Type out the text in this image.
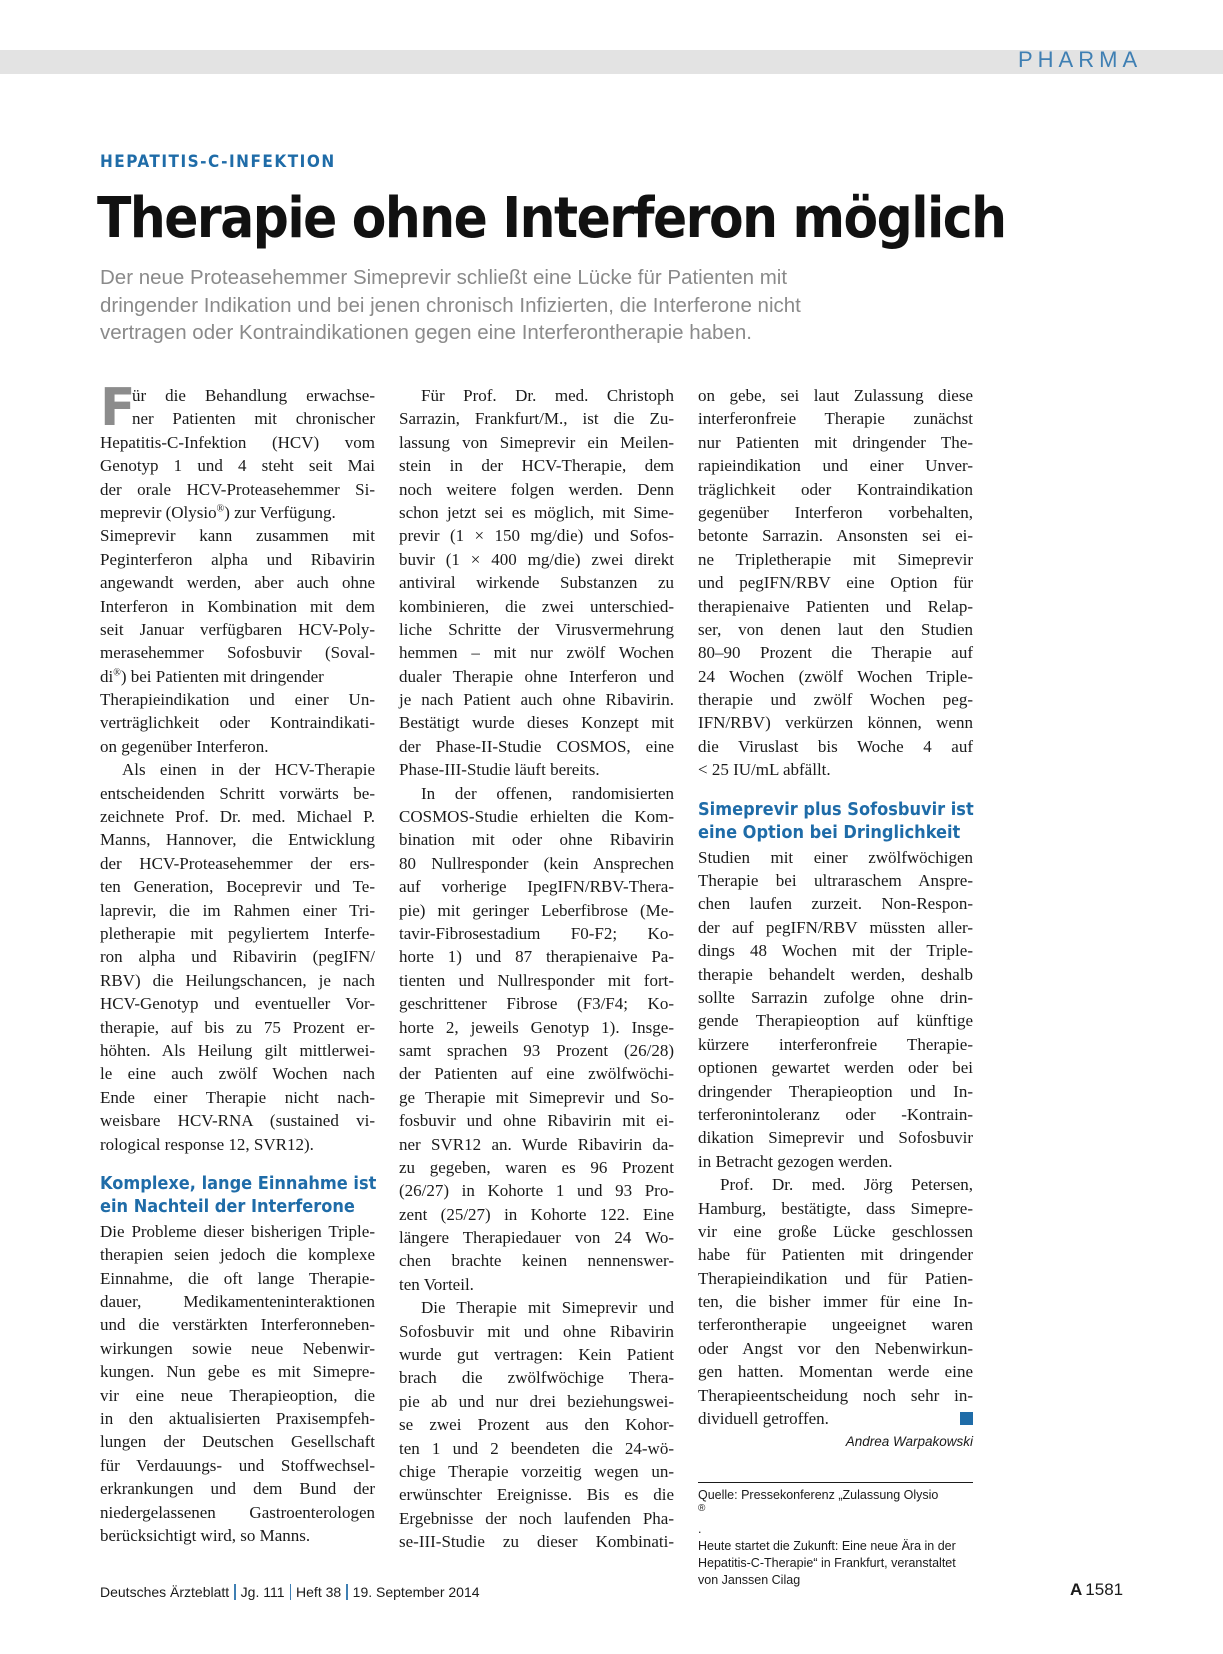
PHARMA
HEPATITIS-C-INFEKTION
Therapie ohne Interferon möglich
Der neue Proteasehemmer Simeprevir schließt eine Lücke für Patienten mit
dringender Indikation und bei jenen chronisch Infizierten, die Interferone nicht
vertragen oder Kontraindikationen gegen eine Interferontherapie haben.
F
ür die Behandlung erwachse-
ner Patienten mit chronischer
Hepatitis-C-Infektion (HCV) vom
Genotyp 1 und 4 steht seit Mai
der orale HCV-Proteasehemmer Si-
meprevir (Olysio®) zur Verfügung.
Simeprevir kann zusammen mit
Peginterferon alpha und Ribavirin
angewandt werden, aber auch ohne
Interferon in Kombination mit dem
seit Januar verfügbaren HCV-Poly-
merasehemmer Sofosbuvir (Soval-
di®) bei Patienten mit dringender
Therapieindikation und einer Un-
verträglichkeit oder Kontraindikati-
on gegenüber Interferon.
Als einen in der HCV-Therapie
entscheidenden Schritt vorwärts be-
zeichnete Prof. Dr. med. Michael P.
Manns, Hannover, die Entwicklung
der HCV-Proteasehemmer der ers-
ten Generation, Boceprevir und Te-
laprevir, die im Rahmen einer Tri-
pletherapie mit pegyliertem Interfe-
ron alpha und Ribavirin (pegIFN/
RBV) die Heilungschancen, je nach
HCV-Genotyp und eventueller Vor-
therapie, auf bis zu 75 Prozent er-
höhten. Als Heilung gilt mittlerwei-
le eine auch zwölf Wochen nach
Ende einer Therapie nicht nach-
weisbare HCV-RNA (sustained vi-
rological response 12, SVR12).
Komplexe, lange Einnahme ist
ein Nachteil der Interferone
Die Probleme dieser bisherigen Triple-
therapien seien jedoch die komplexe
Einnahme, die oft lange Therapie-
dauer, Medikamenteninteraktionen
und die verstärkten Interferonneben-
wirkungen sowie neue Nebenwir-
kungen. Nun gebe es mit Simepre-
vir eine neue Therapieoption, die
in den aktualisierten Praxisempfeh-
lungen der Deutschen Gesellschaft
für Verdauungs- und Stoffwechsel-
erkrankungen und dem Bund der
niedergelassenen Gastroenterologen
berücksichtigt wird, so Manns.
Für Prof. Dr. med. Christoph
Sarrazin, Frankfurt/M., ist die Zu-
lassung von Simeprevir ein Meilen-
stein in der HCV-Therapie, dem
noch weitere folgen werden. Denn
schon jetzt sei es möglich, mit Sime-
previr (1 × 150 mg/die) und Sofos-
buvir (1 × 400 mg/die) zwei direkt
antiviral wirkende Substanzen zu
kombinieren, die zwei unterschied-
liche Schritte der Virusvermehrung
hemmen – mit nur zwölf Wochen
dualer Therapie ohne Interferon und
je nach Patient auch ohne Ribavirin.
Bestätigt wurde dieses Konzept mit
der Phase-II-Studie COSMOS, eine
Phase-III-Studie läuft bereits.
In der offenen, randomisierten
COSMOS-Studie erhielten die Kom-
bination mit oder ohne Ribavirin
80 Nullresponder (kein Ansprechen
auf vorherige IpegIFN/RBV-Thera-
pie) mit geringer Leberfibrose (Me-
tavir-Fibrosestadium F0-F2; Ko-
horte 1) und 87 therapienaive Pa-
tienten und Nullresponder mit fort-
geschrittener Fibrose (F3/F4; Ko-
horte 2, jeweils Genotyp 1). Insge-
samt sprachen 93 Prozent (26/28)
der Patienten auf eine zwölfwöchi-
ge Therapie mit Simeprevir und So-
fosbuvir und ohne Ribavirin mit ei-
ner SVR12 an. Wurde Ribavirin da-
zu gegeben, waren es 96 Prozent
(26/27) in Kohorte 1 und 93 Pro-
zent (25/27) in Kohorte 122. Eine
längere Therapiedauer von 24 Wo-
chen brachte keinen nennenswer-
ten Vorteil.
Die Therapie mit Simeprevir und
Sofosbuvir mit und ohne Ribavirin
wurde gut vertragen: Kein Patient
brach die zwölfwöchige Thera-
pie ab und nur drei beziehungswei-
se zwei Prozent aus den Kohor-
ten 1 und 2 beendeten die 24-wö-
chige Therapie vorzeitig wegen un-
erwünschter Ereignisse. Bis es die
Ergebnisse der noch laufenden Pha-
se-III-Studie zu dieser Kombinati-
on gebe, sei laut Zulassung diese
interferonfreie Therapie zunächst
nur Patienten mit dringender The-
rapieindikation und einer Unver-
träglichkeit oder Kontraindikation
gegenüber Interferon vorbehalten,
betonte Sarrazin. Ansonsten sei ei-
ne Tripletherapie mit Simeprevir
und pegIFN/RBV eine Option für
therapienaive Patienten und Relap-
ser, von denen laut den Studien
80–90 Prozent die Therapie auf
24 Wochen (zwölf Wochen Triple-
therapie und zwölf Wochen peg-
IFN/RBV) verkürzen können, wenn
die Viruslast bis Woche 4 auf
< 25 IU/mL abfällt.
Simeprevir plus Sofosbuvir ist
eine Option bei Dringlichkeit
Studien mit einer zwölfwöchigen
Therapie bei ultraraschem Anspre-
chen laufen zurzeit. Non-Respon-
der auf pegIFN/RBV müssten aller-
dings 48 Wochen mit der Triple-
therapie behandelt werden, deshalb
sollte Sarrazin zufolge ohne drin-
gende Therapieoption auf künftige
kürzere interferonfreie Therapie-
optionen gewartet werden oder bei
dringender Therapieoption und In-
terferonintoleranz oder -Kontrain-
dikation Simeprevir und Sofosbuvir
in Betracht gezogen werden.
Prof. Dr. med. Jörg Petersen,
Hamburg, bestätigte, dass Simepre-
vir eine große Lücke geschlossen
habe für Patienten mit dringender
Therapieindikation und für Patien-
ten, die bisher immer für eine In-
terferontherapie ungeeignet waren
oder Angst vor den Nebenwirkun-
gen hatten. Momentan werde eine
Therapieentscheidung noch sehr in-
dividuell getroffen.
Andrea Warpakowski
Quelle: Pressekonferenz „Zulassung Olysio
®
.
Heute startet die Zukunft: Eine neue Ära in der
Hepatitis-C-Therapie“ in Frankfurt, veranstaltet
von Janssen Cilag
Deutsches Ärzteblatt Jg. 111 Heft 38 19. September 2014	A 1581
